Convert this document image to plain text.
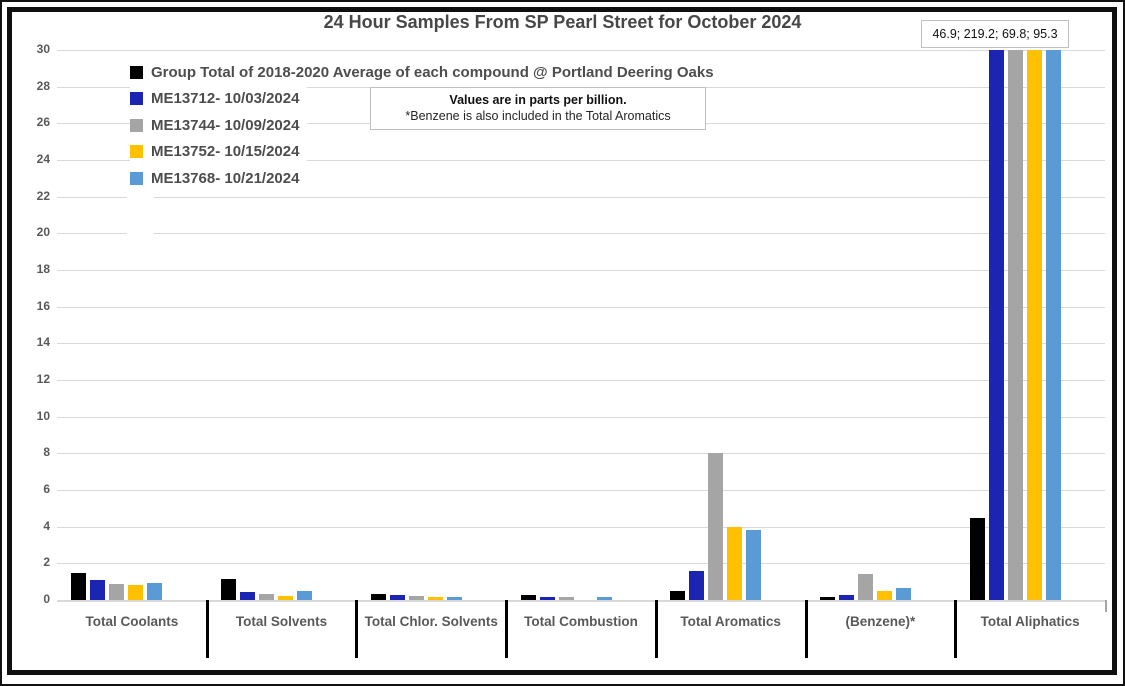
0
2
4
6
8
10
12
14
16
18
20
22
24
26
28
30
Total Coolants	Total Solvents	Total Chlor. Solvents	Total Combustion	Total Aromatics	(Benzene)*	Total Aliphatics
24 Hour Samples From SP Pearl Street for October 2024
Group Total of 2018-2020 Average of each compound @ Portland Deering Oaks
ME13712- 10/03/2024
ME13744- 10/09/2024
ME13752- 10/15/2024
ME13768- 10/21/2024
Values are in parts per billion.
*Benzene is also included in the Total Aromatics
46.9; 219.2; 69.8; 95.3
